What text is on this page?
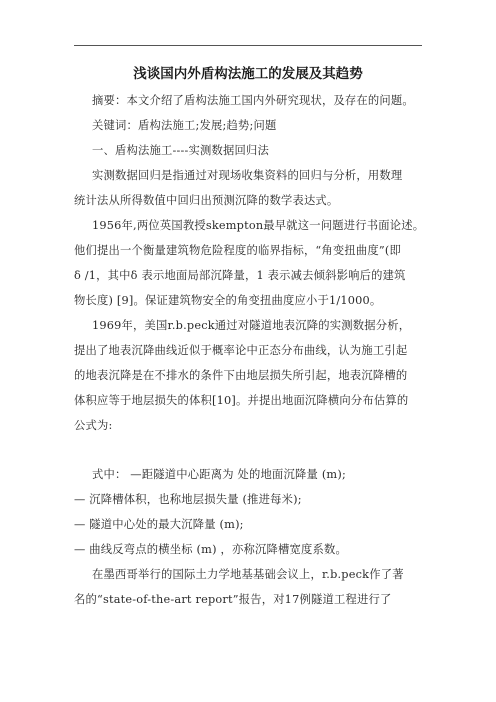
浅谈国内外盾构法施工的发展及其趋势
摘要：本文介绍了盾构法施工国内外研究现状，及存在的问题。
关键词：盾构法施工;发展;趋势;问题
一、盾构法施工----实测数据回归法
实测数据回归是指通过对现场收集资料的回归与分析，用数理
统计法从所得数值中回归出预测沉降的数学表达式。
1956年,两位英国教授skempton最早就这一问题进行书面论述。
他们提出一个衡量建筑物危险程度的临界指标，“角变扭曲度”(即
δ /1，其中δ 表示地面局部沉降量，1 表示减去倾斜影响后的建筑
物长度) [9]。保证建筑物安全的角变扭曲度应小于1/1000。
1969年，美国r.b.peck通过对隧道地表沉降的实测数据分析，
提出了地表沉降曲线近似于概率论中正态分布曲线，认为施工引起
的地表沉降是在不排水的条件下由地层损失所引起，地表沉降槽的
体积应等于地层损失的体积[10]。并提出地面沉降横向分布估算的
公式为:
式中： —距隧道中心距离为 处的地面沉降量 (m);
— 沉降槽体积，也称地层损失量 (推进每米);
— 隧道中心处的最大沉降量 (m);
— 曲线反弯点的横坐标 (m) ，亦称沉降槽宽度系数。
在墨西哥举行的国际土力学地基基础会议上，r.b.peck作了著
名的“state-of-the-art report”报告，对17例隧道工程进行了
